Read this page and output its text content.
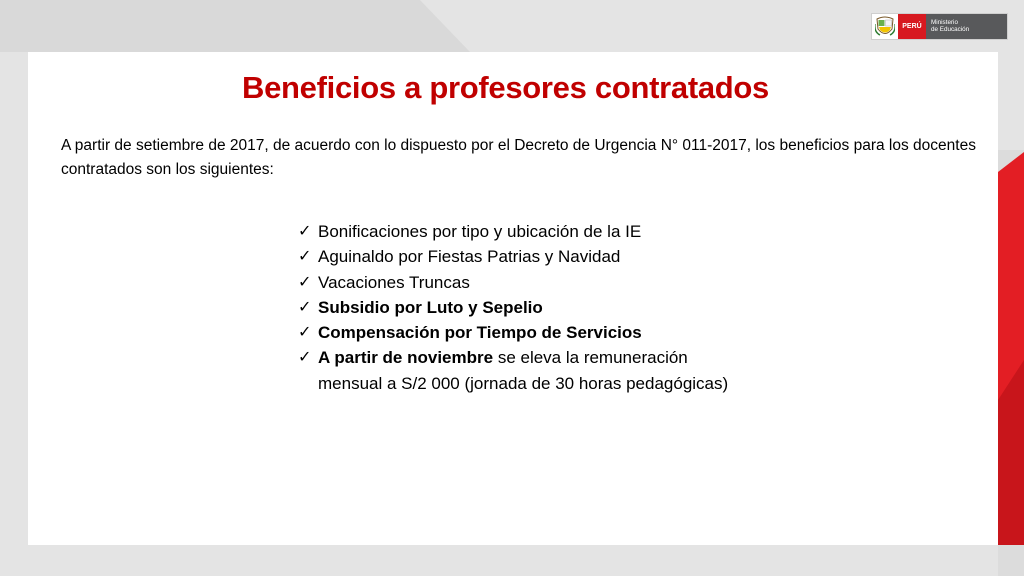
PERÚ
Ministerio
de Educación
Beneficios a profesores contratados
A partir de setiembre de 2017, de acuerdo con lo dispuesto por el Decreto de Urgencia N° 011-2017, los beneficios para los docentes contratados son los siguientes:
✓ Bonificaciones por tipo y ubicación de la IE
✓ Aguinaldo por Fiestas Patrias y Navidad
✓ Vacaciones Truncas
✓ Subsidio por Luto y Sepelio
✓ Compensación por Tiempo de Servicios
✓ A partir de noviembre se eleva la remuneración mensual a S/2 000 (jornada de 30 horas pedagógicas)
